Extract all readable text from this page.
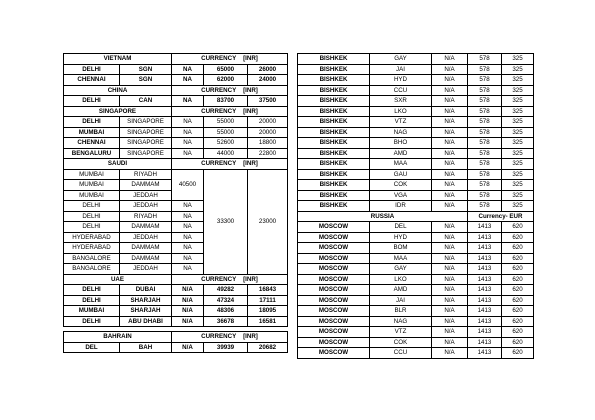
VIETNAM		CURRENCY [INR]		
DELHI	SGN	NA	65000	26000
CHENNAI	SGN	NA	62000	24000
CHINA		CURRENCY [INR]		
DELHI	CAN	NA	83700	37500
SINGAPORE		CURRENCY [INR]		
DELHI	SINGAPORE	NA	55000	20000
MUMBAI	SINGAPORE	NA	55000	20000
CHENNAI	SINGAPORE	NA	52600	18800
BENGALURU	SINGAPORE	NA	44000	22800
SAUDI		CURRENCY [INR]		
MUMBAI	RIYADH	40500	33300	23000
MUMBAI	DAMMAM			
MUMBAI	JEDDAH			
DELHI	JEDDAH	NA		
DELHI	RIYADH	NA		
DELHI	DAMMAM	NA		
HYDERABAD	JEDDAH	NA		
HYDERABAD	DAMMAM	NA		
BANGALORE	DAMMAM	NA		
BANGALORE	JEDDAH	NA		
UAE		CURRENCY [INR]		
DELHI	DUBAI	N/A	49282	16843
DELHI	SHARJAH	N/A	47324	17111
MUMBAI	SHARJAH	N/A	48306	18095
DELHI	ABU DHABI	N/A	36678	16581

BAHRAIN		CURRENCY [INR]		
DEL	BAH	N/A	39939	20682
BISHKEK	GAY	N/A	578	325
BISHKEK	JAI	N/A	578	325
BISHKEK	HYD	N/A	578	325
BISHKEK	CCU	N/A	578	325
BISHKEK	SXR	N/A	578	325
BISHKEK	LKO	N/A	578	325
BISHKEK	VTZ	N/A	578	325
BISHKEK	NAG	N/A	578	325
BISHKEK	BHO	N/A	578	325
BISHKEK	AMD	N/A	578	325
BISHKEK	MAA	N/A	578	325
BISHKEK	GAU	N/A	578	325
BISHKEK	COK	N/A	578	325
BISHKEK	VGA	N/A	578	325
BISHKEK	IDR	N/A	578	325
RUSSIA			Currency- EUR	
MOSCOW	DEL	N/A	1413	620
MOSCOW	HYD	N/A	1413	620
MOSCOW	BOM	N/A	1413	620
MOSCOW	MAA	N/A	1413	620
MOSCOW	GAY	N/A	1413	620
MOSCOW	LKO	N/A	1413	620
MOSCOW	AMD	N/A	1413	620
MOSCOW	JAI	N/A	1413	620
MOSCOW	BLR	N/A	1413	620
MOSCOW	NAG	N/A	1413	620
MOSCOW	VTZ	N/A	1413	620
MOSCOW	COK	N/A	1413	620
MOSCOW	CCU	N/A	1413	620
